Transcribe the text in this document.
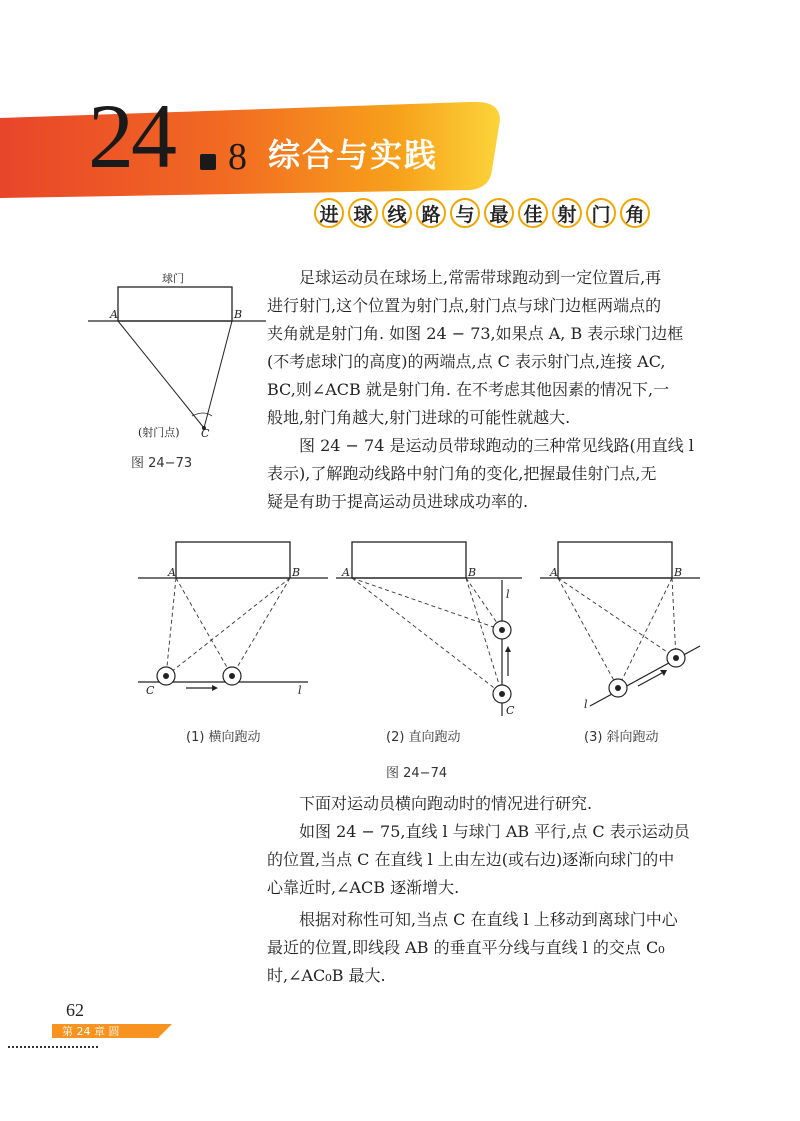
24 8 综合与实践
进 球 线 路 与 最 佳 射 门 角
球门
A	B
(射门点) C
图 24−73
足球运动员在球场上,常需带球跑动到一定位置后,再
进行射门,这个位置为射门点,射门点与球门边框两端点的
夹角就是射门角. 如图 24 − 73,如果点 A, B 表示球门边框
(不考虑球门的高度)的两端点,点 C 表示射门点,连接 AC,
BC,则∠ACB 就是射门角. 在不考虑其他因素的情况下,一
般地,射门角越大,射门进球的可能性就越大.
图 24 − 74 是运动员带球跑动的三种常见线路(用直线 l
表示),了解跑动线路中射门角的变化,把握最佳射门点,无
疑是有助于提高运动员进球成功率的.
A	B
C	l
A	B
l
C
A	B
l
(1) 横向跑动	(2) 直向跑动	(3) 斜向跑动
图 24−74
下面对运动员横向跑动时的情况进行研究.
如图 24 − 75,直线 l 与球门 AB 平行,点 C 表示运动员
的位置,当点 C 在直线 l 上由左边(或右边)逐渐向球门的中
心靠近时,∠ACB 逐渐增大.
根据对称性可知,当点 C 在直线 l 上移动到离球门中心
最近的位置,即线段 AB 的垂直平分线与直线 l 的交点 C₀
时,∠AC₀B 最大.
62
第 24 章 圆
